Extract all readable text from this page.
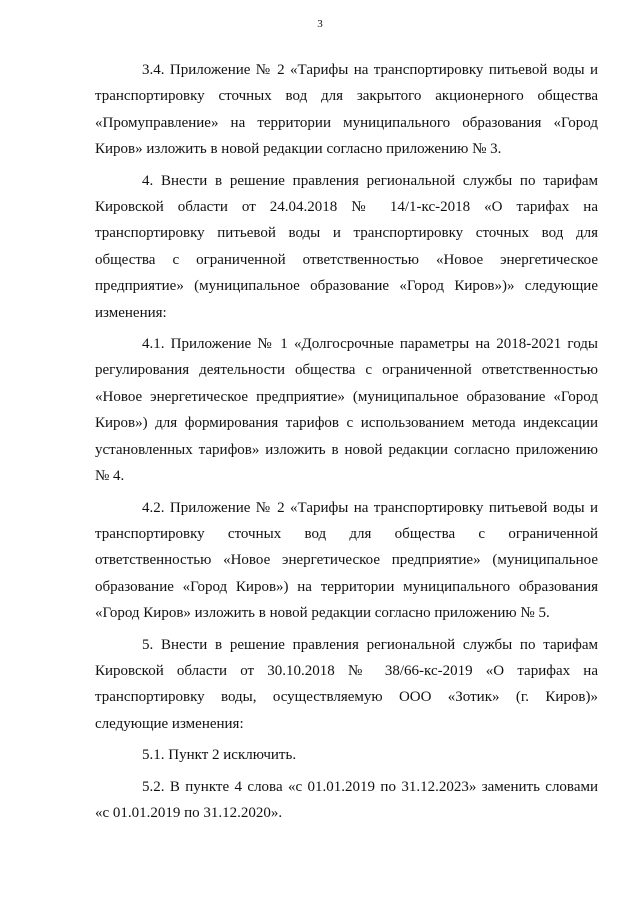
3

3.4. Приложение № 2 «Тарифы на транспортировку питьевой воды и транспортировку сточных вод для закрытого акционерного общества «Промуправление» на территории муниципального образования «Город Киров» изложить в новой редакции согласно приложению № 3.

4. Внести в решение правления региональной службы по тарифам Кировской области от 24.04.2018 № 14/1-кс-2018 «О тарифах на транспортировку питьевой воды и транспортировку сточных вод для общества с ограниченной ответственностью «Новое энергетическое предприятие» (муниципальное образование «Город Киров»)» следующие изменения:

4.1. Приложение № 1 «Долгосрочные параметры на 2018-2021 годы регулирования деятельности общества с ограниченной ответственностью «Новое энергетическое предприятие» (муниципальное образование «Город Киров») для формирования тарифов с использованием метода индексации установленных тарифов» изложить в новой редакции согласно приложению № 4.

4.2. Приложение № 2 «Тарифы на транспортировку питьевой воды и транспортировку сточных вод для общества с ограниченной ответственностью «Новое энергетическое предприятие» (муниципальное образование «Город Киров») на территории муниципального образования «Город Киров» изложить в новой редакции согласно приложению № 5.

5. Внести в решение правления региональной службы по тарифам Кировской области от 30.10.2018 № 38/66-кс-2019 «О тарифах на транспортировку воды, осуществляемую ООО «Зотик» (г. Киров)» следующие изменения:

5.1. Пункт 2 исключить.

5.2. В пункте 4 слова «с 01.01.2019 по 31.12.2023» заменить словами «с 01.01.2019 по 31.12.2020».
